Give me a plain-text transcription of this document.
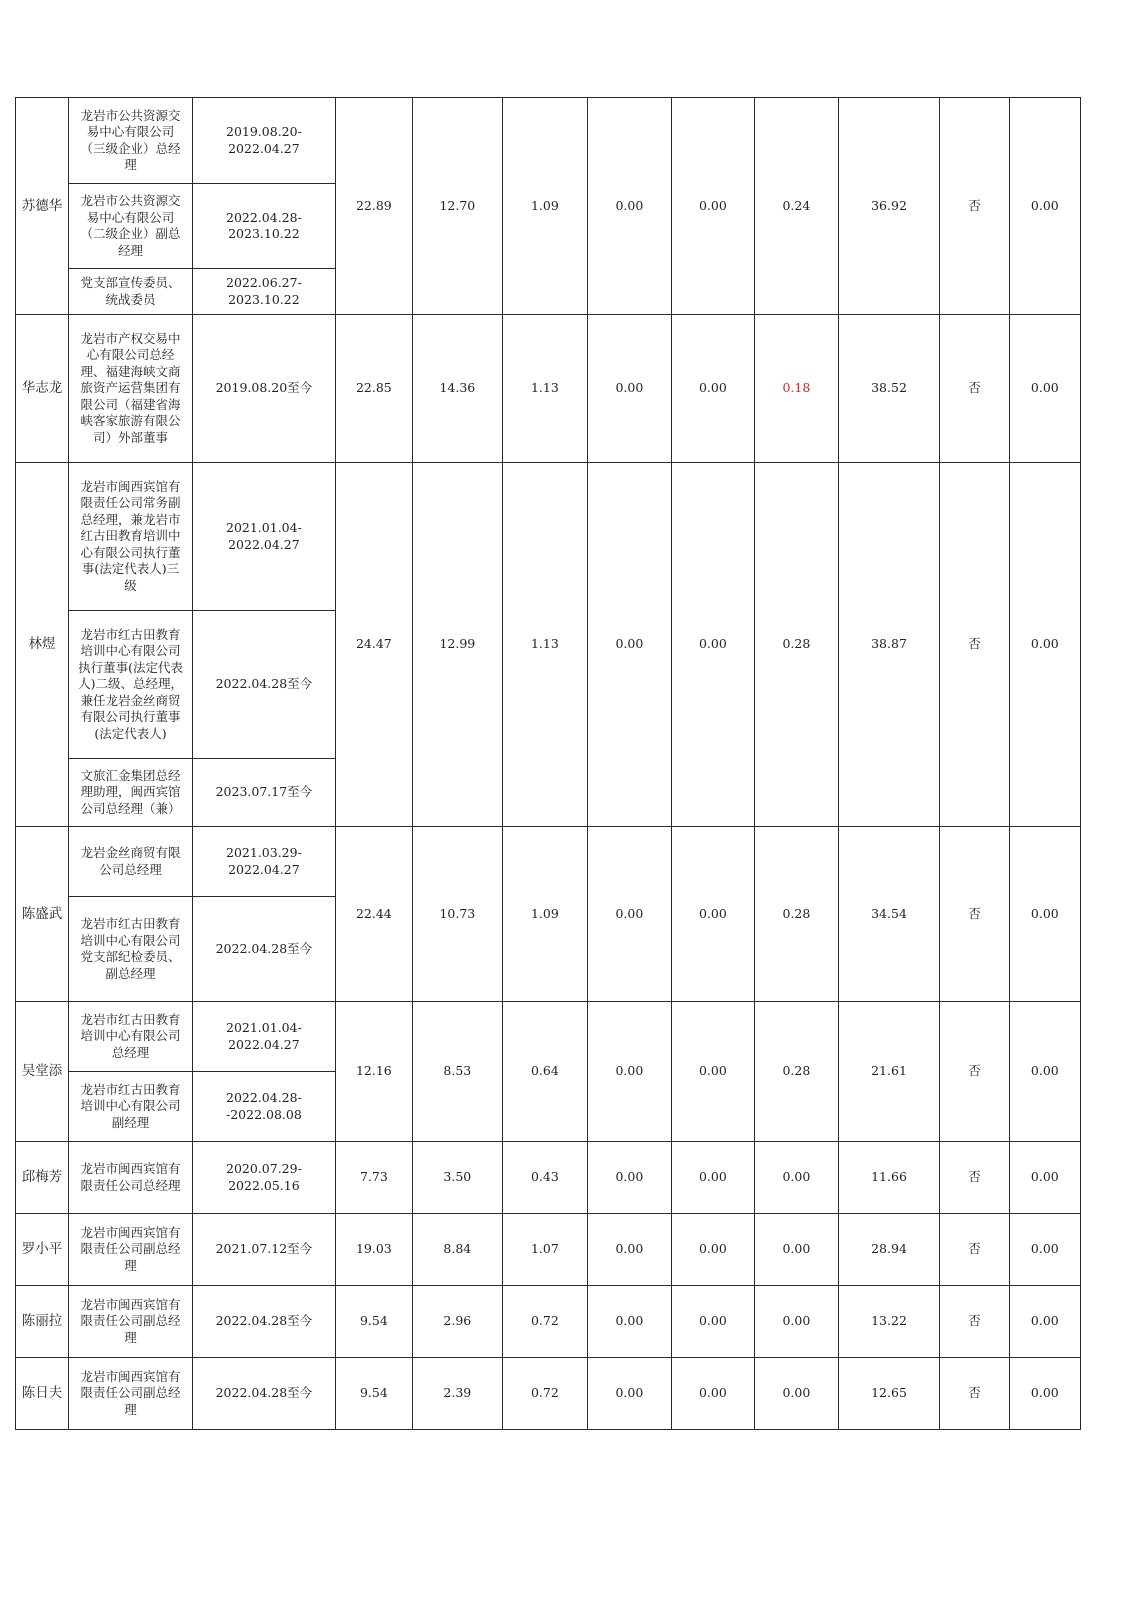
苏德华	龙岩市公共资源交易中心有限公司（三级企业）总经理	2019.08.20-2022.04.27	22.89	12.70	1.09	0.00	0.00	0.24	36.92	否	0.00
	龙岩市公共资源交易中心有限公司（二级企业）副总经理	2022.04.28-2023.10.22									
	党支部宣传委员、统战委员	2022.06.27-2023.10.22									
华志龙	龙岩市产权交易中心有限公司总经理、福建海峡文商旅资产运营集团有限公司（福建省海峡客家旅游有限公司）外部董事	2019.08.20至今	22.85	14.36	1.13	0.00	0.00	0.18	38.52	否	0.00
林煜	龙岩市闽西宾馆有限责任公司常务副总经理，兼龙岩市红古田教育培训中心有限公司执行董事(法定代表人)三级	2021.01.04-2022.04.27	24.47	12.99	1.13	0.00	0.00	0.28	38.87	否	0.00
	龙岩市红古田教育培训中心有限公司执行董事(法定代表人)二级、总经理，兼任龙岩金丝商贸有限公司执行董事(法定代表人)	2022.04.28至今									
	文旅汇金集团总经理助理，闽西宾馆公司总经理（兼）	2023.07.17至今									
陈盛武	龙岩金丝商贸有限公司总经理	2021.03.29-2022.04.27	22.44	10.73	1.09	0.00	0.00	0.28	34.54	否	0.00
	龙岩市红古田教育培训中心有限公司党支部纪检委员、副总经理	2022.04.28至今									
吴堂添	龙岩市红古田教育培训中心有限公司总经理	2021.01.04-2022.04.27	12.16	8.53	0.64	0.00	0.00	0.28	21.61	否	0.00
	龙岩市红古田教育培训中心有限公司副经理	2022.04.28--2022.08.08									
邱梅芳	龙岩市闽西宾馆有限责任公司总经理	2020.07.29-2022.05.16	7.73	3.50	0.43	0.00	0.00	0.00	11.66	否	0.00
罗小平	龙岩市闽西宾馆有限责任公司副总经理	2021.07.12至今	19.03	8.84	1.07	0.00	0.00	0.00	28.94	否	0.00
陈丽拉	龙岩市闽西宾馆有限责任公司副总经理	2022.04.28至今	9.54	2.96	0.72	0.00	0.00	0.00	13.22	否	0.00
陈日夫	龙岩市闽西宾馆有限责任公司副总经理	2022.04.28至今	9.54	2.39	0.72	0.00	0.00	0.00	12.65	否	0.00
